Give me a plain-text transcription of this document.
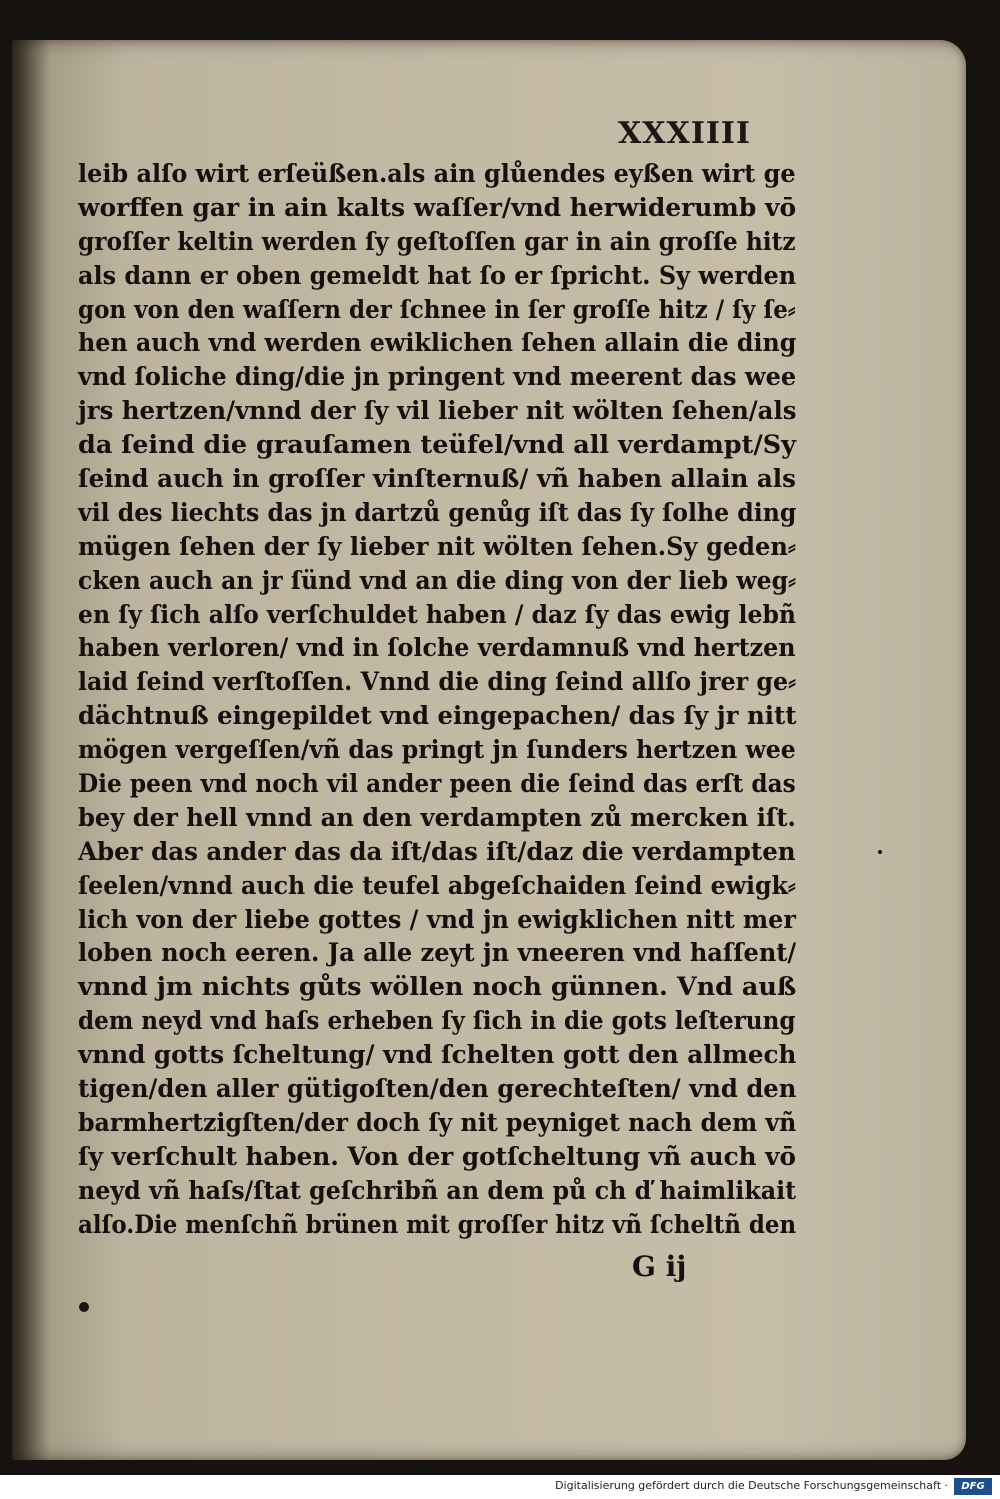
XXXIIII
leib alſo wirt erſeüßen.als ain glůendes eyßen wirt ge
worffen gar in ain kalts waſſer/vnd herwiderumb vō
groſſer keltin werden ſy geſtoſſen gar in ain groſſe hitz
als dann er oben gemeldt hat ſo er ſpricht. Sy werden
gon von den waſſern der ſchnee in ſer groſſe hitz / ſy ſe⸗
hen auch vnd werden ewiklichen ſehen allain die ding
vnd ſoliche ding/die jn pringent vnd meerent das wee
jrs hertzen/vnnd der ſy vil lieber nit wölten ſehen/als
da ſeind die grauſamen teüfel/vnd all verdampt/Sy
ſeind auch in groſſer vinſternuß/ vñ haben allain als
vil des liechts das jn dartzů genůg iſt das ſy ſolhe ding
mügen ſehen der ſy lieber nit wölten ſehen.Sy geden⸗
cken auch an jr ſünd vnd an die ding von der lieb weg⸗
en ſy ſich alſo verſchuldet haben / daz ſy das ewig lebñ
haben verloren/ vnd in ſolche verdamnuß vnd hertzen
laid ſeind verſtoſſen. Vnnd die ding ſeind allſo jrer ge⸗
dächtnuß eingepildet vnd eingepachen/ das ſy jr nitt
mögen vergeſſen/vñ das pringt jn ſunders hertzen wee
Die peen vnd noch vil ander peen die ſeind das erſt das
bey der hell vnnd an den verdampten zů mercken iſt.
Aber das ander das da iſt/das iſt/daz die verdampten
ſeelen/vnnd auch die teufel abgeſchaiden ſeind ewigk⸗
lich von der liebe gottes / vnd jn ewigklichen nitt mer
loben noch eeren. Ja alle zeyt jn vneeren vnd haſſent/
vnnd jm nichts gůts wöllen noch günnen. Vnd auß
dem neyd vnd haſs erheben ſy ſich in die gots leſterung
vnnd gotts ſcheltung/ vnd ſchelten gott den allmech
tigen/den aller gütigoſten/den gerechteſten/ vnd den
barmhertzigſten/der doch ſy nit peyniget nach dem vñ
ſy verſchult haben. Von der gotſcheltung vñ auch vō
neyd vñ haſs/ſtat geſchribñ an dem pů ch ď haimlikait
alſo.Die menſchñ brünen mit groſſer hitz vñ ſcheltñ den
G ij
Digitalisierung gefördert durch die Deutsche Forschungsgemeinschaft ·	DFG
